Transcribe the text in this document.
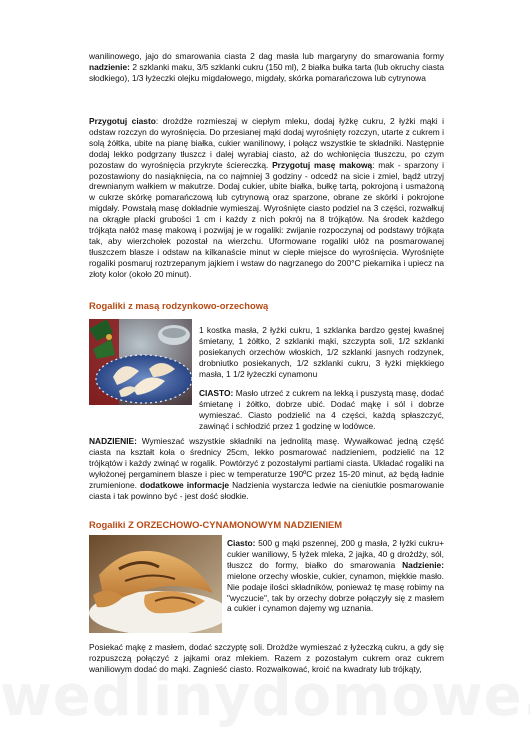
wanilinowego, jajo do smarowania ciasta 2 dag masła lub margaryny do smarowania formy nadzienie: 2 szklanki maku, 3/5 szklanki cukru (150 ml), 2 białka bułka tarta (lub okruchy ciasta słodkiego), 1/3 łyżeczki olejku migdałowego, migdały, skórka pomarańczowa lub cytrynowa

Przygotuj ciasto: drożdże rozmieszaj w ciepłym mleku, dodaj łyżkę cukru, 2 łyżki mąki i odstaw rozczyn do wyrośnięcia. Do przesianej mąki dodaj wyrośnięty rozczyn, utarte z cukrem i solą żółtka, ubite na pianę białka, cukier wanilinowy, i połącz wszystkie te składniki. Następnie dodaj lekko podgrzany tłuszcz i dalej wyrabiaj ciasto, aż do wchłonięcia tłuszczu, po czym pozostaw do wyrośnięcia przykryte ściereczką. Przygotuj masę makową: mak - sparzony i pozostawiony do nasiąknięcia, na co najmniej 3 godziny - odcedź na sicie i zmiel, bądź utrzyj drewnianym wałkiem w makutrze. Dodaj cukier, ubite białka, bułkę tartą, pokrojoną i usmażoną w cukrze skórkę pomarańczową lub cytrynową oraz sparzone, obrane ze skórki i pokrojone migdały. Powstałą masę dokładnie wymieszaj. Wyrośnięte ciasto podziel na 3 części, rozwałkuj na okrągłe placki grubości 1 cm i każdy z nich pokrój na 8 trójkątów. Na środek każdego trójkąta nałóż masę makową i pozwijaj je w rogaliki: zwijanie rozpoczynaj od podstawy trójkąta tak, aby wierzchołek pozostał na wierzchu. Uformowane rogaliki ułóż na posmarowanej tłuszczem blasze i odstaw na kilkanaście minut w ciepłe miejsce do wyrośnięcia. Wyrośnięte rogaliki posmaruj roztrzepanym jajkiem i wstaw do nagrzanego do 200°C piekarnika i upiecz na złoty kolor (około 20 minut).

Rogaliki z masą rodzynkowo-orzechową

1 kostka masła, 2 łyżki cukru, 1 szklanka bardzo gęstej kwaśnej śmietany, 1 żółtko, 2 szklanki mąki, szczypta soli, 1/2 szklanki posiekanych orzechów włoskich, 1/2 szklanki jasnych rodzynek, drobniutko posiekanych, 1/2 szklanki cukru, 3 łyżki miękkiego masła, 1 1/2 łyżeczki cynamonu

CIASTO: Masło utrzeć z cukrem na lekką i puszystą masę, dodać śmietanę i żółtko, dobrze ubić. Dodać mąkę i sól i dobrze wymieszać. Ciasto podzielić na 4 części, każdą spłaszczyć, zawinąć i schłodzić przez 1 godzinę w lodówce.

NADZIENIE: Wymieszać wszystkie składniki na jednolitą masę. Wywałkować jedną część ciasta na kształt koła o średnicy 25cm, lekko posmarować nadzieniem, podzielić na 12 trójkątów i każdy zwinąć w rogalik. Powtórzyć z pozostałymi partiami ciasta. Układać rogaliki na wyłożonej pergaminem blasze i piec w temperaturze 190ºC przez 15-20 minut, aż będą ładnie zrumienione. dodatkowe informacje Nadzienia wystarcza ledwie na cieniutkie posmarowanie ciasta i tak powinno być - jest dość słodkie.

Rogaliki Z ORZECHOWO-CYNAMONOWYM NADZIENIEM

Ciasto: 500 g mąki pszennej, 200 g masła, 2 łyżki cukru+ cukier waniliowy, 5 łyżek mleka, 2 jajka, 40 g drożdży, sól, tłuszcz do formy, białko do smarowania Nadzienie: mielone orzechy włoskie, cukier, cynamon, miękkie masło. Nie podaje ilości składników, ponieważ tę masę robimy na "wyczucie", tak by orzechy dobrze połączyły się z masłem a cukier i cynamon dajemy wg uznania.

Posiekać mąkę z masłem, dodać szczyptę soli. Drożdże wymieszać z łyżeczką cukru, a gdy się rozpuszczą połączyć z jajkami oraz mlekiem. Razem z pozostałym cukrem oraz cukrem waniliowym dodać do mąki. Zagnieść ciasto. Rozwałkować, kroić na kwadraty lub trójkąty,
